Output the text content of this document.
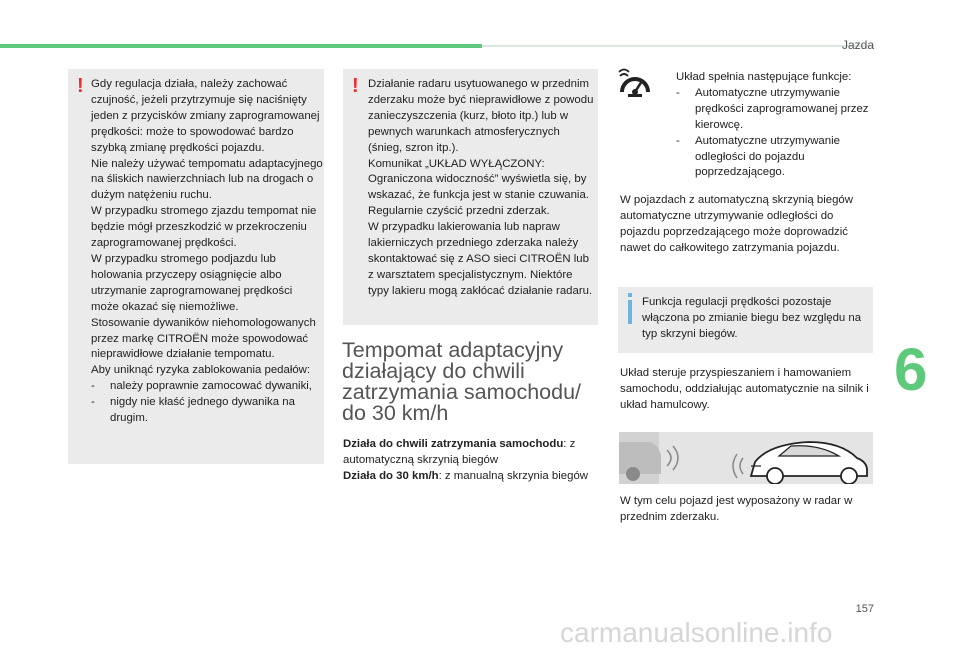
Jazda
6
157
! Gdy regulacja działa, należy zachować czujność, jeżeli przytrzymuje się naciśnięty jeden z przycisków zmiany zaprogramowanej prędkości: może to spowodować bardzo szybką zmianę prędkości pojazdu.

Nie należy używać tempomatu adaptacyjnego na śliskich nawierzchniach lub na drogach o dużym natężeniu ruchu.

W przypadku stromego zjazdu tempomat nie będzie mógł przeszkodzić w przekroczeniu zaprogramowanej prędkości.

W przypadku stromego podjazdu lub holowania przyczepy osiągnięcie albo utrzymanie zaprogramowanej prędkości może okazać się niemożliwe.

Stosowanie dywaników niehomologowanych przez markę CITROËN może spowodować nieprawidłowe działanie tempomatu.

Aby uniknąć ryzyka zablokowania pedałów:

-	należy poprawnie zamocować dywaniki,
-	nigdy nie kłaść jednego dywanika na drugim.
! Działanie radaru usytuowanego w przednim zderzaku może być nieprawidłowe z powodu zanieczyszczenia (kurz, błoto itp.) lub w pewnych warunkach atmosferycznych (śnieg, szron itp.).

Komunikat „UKŁAD WYŁĄCZONY: Ograniczona widoczność” wyświetla się, by wskazać, że funkcja jest w stanie czuwania.

Regularnie czyścić przedni zderzak.

W przypadku lakierowania lub napraw lakierniczych przedniego zderzaka należy skontaktować się z ASO sieci CITROËN lub z warsztatem specjalistycznym. Niektóre typy lakieru mogą zakłócać działanie radaru.

Tempomat adaptacyjny działający do chwili zatrzymania samochodu/ do 30 km/h

Działa do chwili zatrzymania samochodu: z automatyczną skrzynią biegów

Działa do 30 km/h: z manualną skrzynia biegów

Układ spełnia następujące funkcje:

-	Automatyczne utrzymywanie prędkości zaprogramowanej przez kierowcę.
-	Automatyczne utrzymywanie odległości do pojazdu poprzedzającego.
W pojazdach z automatyczną skrzynią biegów automatyczne utrzymywanie odległości do pojazdu poprzedzającego może doprowadzić nawet do całkowitego zatrzymania pojazdu.
Funkcja regulacji prędkości pozostaje włączona po zmianie biegu bez względu na typ skrzyni biegów.
Układ steruje przyspieszaniem i hamowaniem samochodu, oddziałując automatycznie na silnik i układ hamulcowy.
W tym celu pojazd jest wyposażony w radar w przednim zderzaku.
carmanualsonline.info
